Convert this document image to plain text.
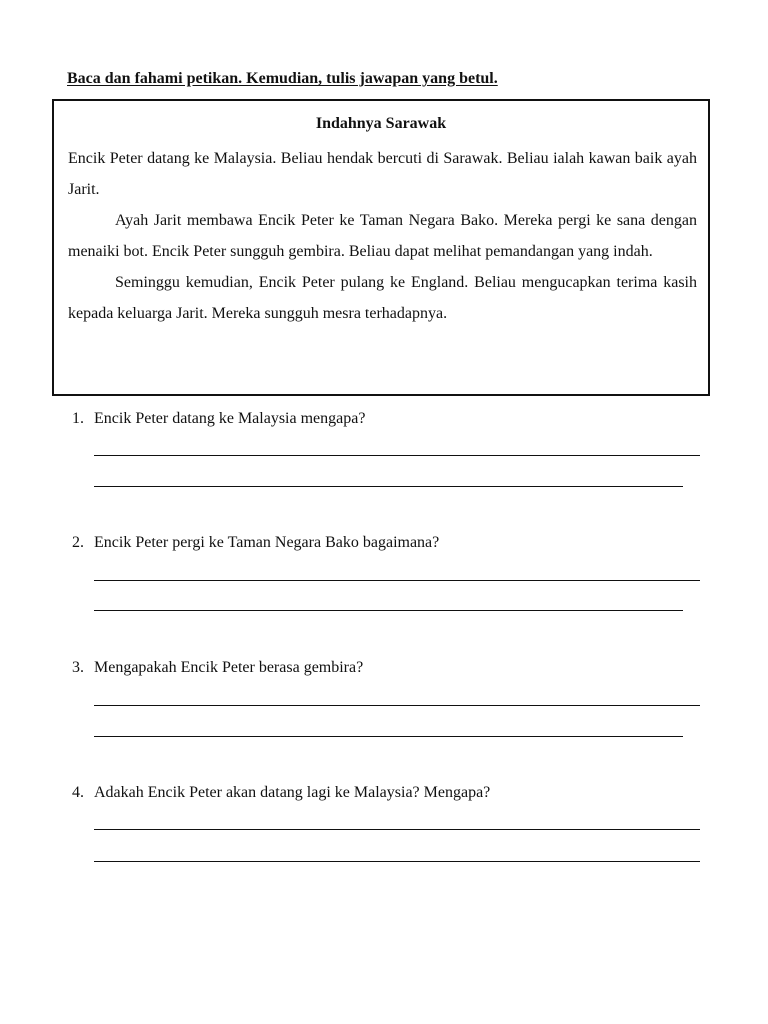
Baca dan fahami petikan. Kemudian, tulis jawapan yang betul.
Indahnya Sarawak

Encik Peter datang ke Malaysia. Beliau hendak bercuti di Sarawak. Beliau ialah kawan baik ayah Jarit.

Ayah Jarit membawa Encik Peter ke Taman Negara Bako. Mereka pergi ke sana dengan menaiki bot. Encik Peter sungguh gembira. Beliau dapat melihat pemandangan yang indah.

Seminggu kemudian, Encik Peter pulang ke England. Beliau mengucapkan terima kasih kepada keluarga Jarit. Mereka sungguh mesra terhadapnya.

1. Encik Peter datang ke Malaysia mengapa?
2. Encik Peter pergi ke Taman Negara Bako bagaimana?
3. Mengapakah Encik Peter berasa gembira?
4. Adakah Encik Peter akan datang lagi ke Malaysia? Mengapa?
